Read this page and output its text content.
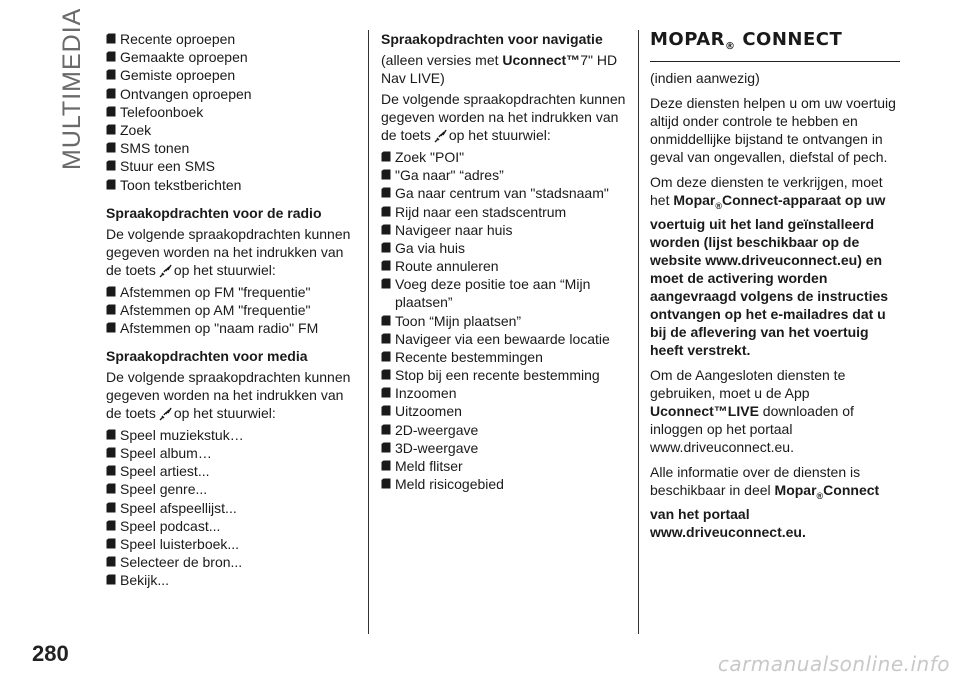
MULTIMEDIA	Recente oproepen
Gemaakte oproepen
Gemiste oproepen
Ontvangen oproepen
Telefoonboek
Zoek
SMS tonen
Stuur een SMS
Toon tekstberichten
Spraakopdrachten voor de radio
De volgende spraakopdrachten kunnen gegeven worden na het indrukken van de toets op het stuurwiel:
Afstemmen op FM "frequentie"
Afstemmen op AM "frequentie"
Afstemmen op "naam radio" FM
Spraakopdrachten voor media
De volgende spraakopdrachten kunnen gegeven worden na het indrukken van de toets op het stuurwiel:
Speel muziekstuk…
Speel album…
Speel artiest...
Speel genre...
Speel afspeellijst...
Speel podcast...
Speel luisterboek...
Selecteer de bron...
Bekijk...
Spraakopdrachten voor navigatie
(alleen versies met Uconnect™7" HD Nav LIVE)
De volgende spraakopdrachten kunnen gegeven worden na het indrukken van de toets op het stuurwiel:
Zoek "POI"
"Ga naar" “adres”
Ga naar centrum van "stadsnaam"
Rijd naar een stadscentrum
Navigeer naar huis
Ga via huis
Route annuleren
Voeg deze positie toe aan “Mijn plaatsen”
Toon “Mijn plaatsen”
Navigeer via een bewaarde locatie
Recente bestemmingen
Stop bij een recente bestemming
Inzoomen
Uitzoomen
2D-weergave
3D-weergave
Meld flitser
Meld risicogebied
$MOPAR_®$ CONNECT

(indien aanwezig)

Deze diensten helpen u om uw voertuig altijd onder controle te hebben en onmiddellijke bijstand te ontvangen in geval van ongevallen, diefstal of pech.

Om deze diensten te verkrijgen, moet het Mopar$_®$Connect-apparaat op uw voertuig uit het land geïnstalleerd worden (lijst beschikbaar op de website www.driveuconnect.eu) en moet de activering worden aangevraagd volgens de instructies ontvangen op het e-mailadres dat u bij de aflevering van het voertuig heeft verstrekt.

Om de Aangesloten diensten te gebruiken, moet u de App Uconnect™LIVE downloaden of inloggen op het portaal www.driveuconnect.eu.

Alle informatie over de diensten is beschikbaar in deel Mopar$_®$Connect van het portaal www.driveuconnect.eu.

280	carmanualsonline.info
